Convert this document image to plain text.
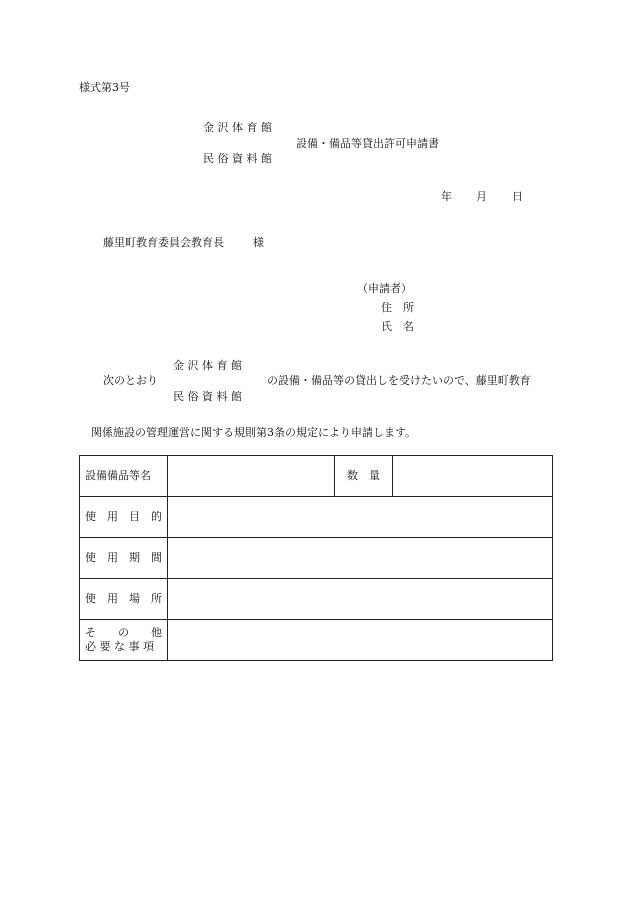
様式第3号
金 沢 体 育 館
民 俗 資 料 館
設備・備品等貸出許可申請書
年 月 日
藤里町教育委員会教育長	様
（申請者）
住　所
氏　名
金 沢 体 育 館
次のとおり	の設備・備品等の貸出しを受けたいので、藤里町教育
民 俗 資 料 館
関係施設の管理運営に関する規則第3条の規定により申請します。
設備備品等名		数　量	
使　用　目　的			
使　用　期　間			
使　用　場　所			

そ　　の　　他
必 要 な 事 項			
